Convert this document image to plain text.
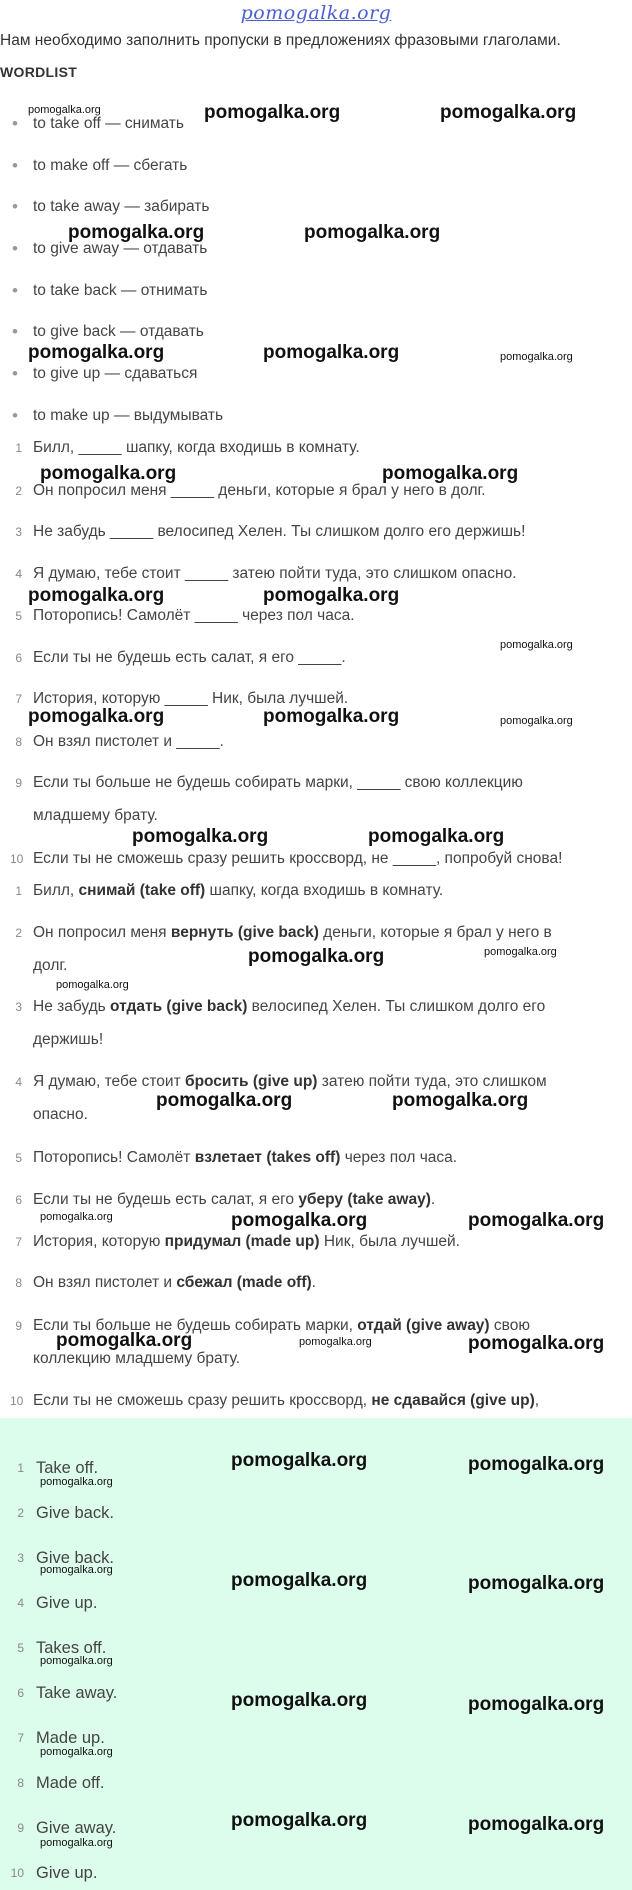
pomogalka.org
Нам необходимо заполнить пропуски в предложениях фразовыми глаголами.
WORDLIST
• to take off — снимать
• to make off — сбегать
• to take away — забирать
• to give away — отдавать
• to take back — отнимать
• to give back — отдавать
• to give up — сдаваться
• to make up — выдумывать
1 Билл, _____ шапку, когда входишь в комнату.
2 Он попросил меня _____ деньги, которые я брал у него в долг.
3 Не забудь _____ велосипед Хелен. Ты слишком долго его держишь!
4 Я думаю, тебе стоит _____ затею пойти туда, это слишком опасно.
5 Поторопись! Самолёт _____ через пол часа.
6 Если ты не будешь есть салат, я его _____.
7 История, которую _____ Ник, была лучшей.
8 Он взял пистолет и _____.
9 Если ты больше не будешь собирать марки, _____ свою коллекцию
младшему брату.
10 Если ты не сможешь сразу решить кроссворд, не _____, попробуй снова!
1 Билл, снимай (take off) шапку, когда входишь в комнату.
2 Он попросил меня вернуть (give back) деньги, которые я брал у него в
долг.
3 Не забудь отдать (give back) велосипед Хелен. Ты слишком долго его
держишь!
4 Я думаю, тебе стоит бросить (give up) затею пойти туда, это слишком
опасно.
5 Поторопись! Самолёт взлетает (takes off) через пол часа.
6 Если ты не будешь есть салат, я его уберу (take away).
7 История, которую придумал (made up) Ник, была лучшей.
8 Он взял пистолет и сбежал (made off).
9 Если ты больше не будешь собирать марки, отдай (give away) свою
коллекцию младшему брату.
10 Если ты не сможешь сразу решить кроссворд, не сдавайся (give up),
1 Take off.
2 Give back.
3 Give back.
4 Give up.
5 Takes off.
6 Take away.
7 Made up.
8 Made off.
9 Give away.
10 Give up.
pomogalka.org	pomogalka.org	pomogalka.org
pomogalka.org	pomogalka.org
pomogalka.org	pomogalka.org	pomogalka.org
pomogalka.org	pomogalka.org
pomogalka.org	pomogalka.org
pomogalka.org
pomogalka.org	pomogalka.org	pomogalka.org
pomogalka.org	pomogalka.org
pomogalka.org	pomogalka.org
pomogalka.org
pomogalka.org	pomogalka.org
pomogalka.org	pomogalka.org	pomogalka.org
pomogalka.org	pomogalka.org	pomogalka.org
pomogalka.org	pomogalka.org
pomogalka.org
pomogalka.org	pomogalka.org	pomogalka.org
pomogalka.org
pomogalka.org	pomogalka.org
pomogalka.org
pomogalka.org	pomogalka.org
pomogalka.org
